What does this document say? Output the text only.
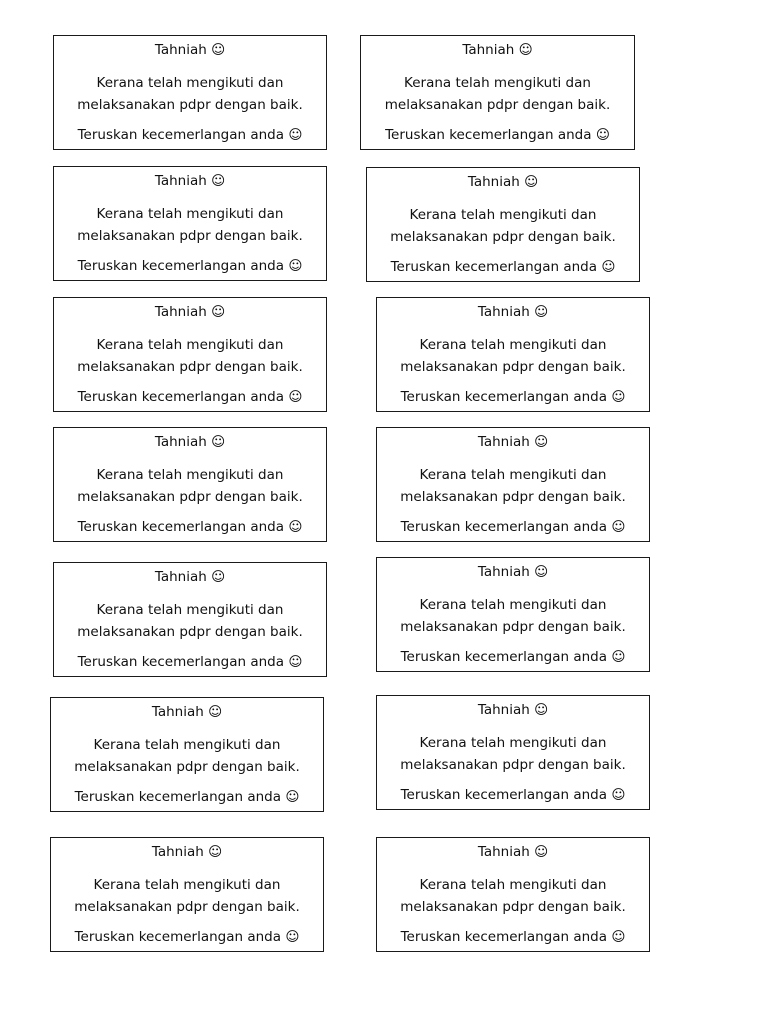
Tahniah ☺
Kerana telah mengikuti dan
melaksanakan pdpr dengan baik.
Teruskan kecemerlangan anda ☺
Tahniah ☺
Kerana telah mengikuti dan
melaksanakan pdpr dengan baik.
Teruskan kecemerlangan anda ☺
Tahniah ☺
Kerana telah mengikuti dan
melaksanakan pdpr dengan baik.
Teruskan kecemerlangan anda ☺
Tahniah ☺
Kerana telah mengikuti dan
melaksanakan pdpr dengan baik.
Teruskan kecemerlangan anda ☺
Tahniah ☺
Kerana telah mengikuti dan
melaksanakan pdpr dengan baik.
Teruskan kecemerlangan anda ☺
Tahniah ☺
Kerana telah mengikuti dan
melaksanakan pdpr dengan baik.
Teruskan kecemerlangan anda ☺
Tahniah ☺
Kerana telah mengikuti dan
melaksanakan pdpr dengan baik.
Teruskan kecemerlangan anda ☺
Tahniah ☺
Kerana telah mengikuti dan
melaksanakan pdpr dengan baik.
Teruskan kecemerlangan anda ☺
Tahniah ☺
Kerana telah mengikuti dan
melaksanakan pdpr dengan baik.
Teruskan kecemerlangan anda ☺
Tahniah ☺
Kerana telah mengikuti dan
melaksanakan pdpr dengan baik.
Teruskan kecemerlangan anda ☺
Tahniah ☺
Kerana telah mengikuti dan
melaksanakan pdpr dengan baik.
Teruskan kecemerlangan anda ☺
Tahniah ☺
Kerana telah mengikuti dan
melaksanakan pdpr dengan baik.
Teruskan kecemerlangan anda ☺
Tahniah ☺
Kerana telah mengikuti dan
melaksanakan pdpr dengan baik.
Teruskan kecemerlangan anda ☺
Tahniah ☺
Kerana telah mengikuti dan
melaksanakan pdpr dengan baik.
Teruskan kecemerlangan anda ☺
